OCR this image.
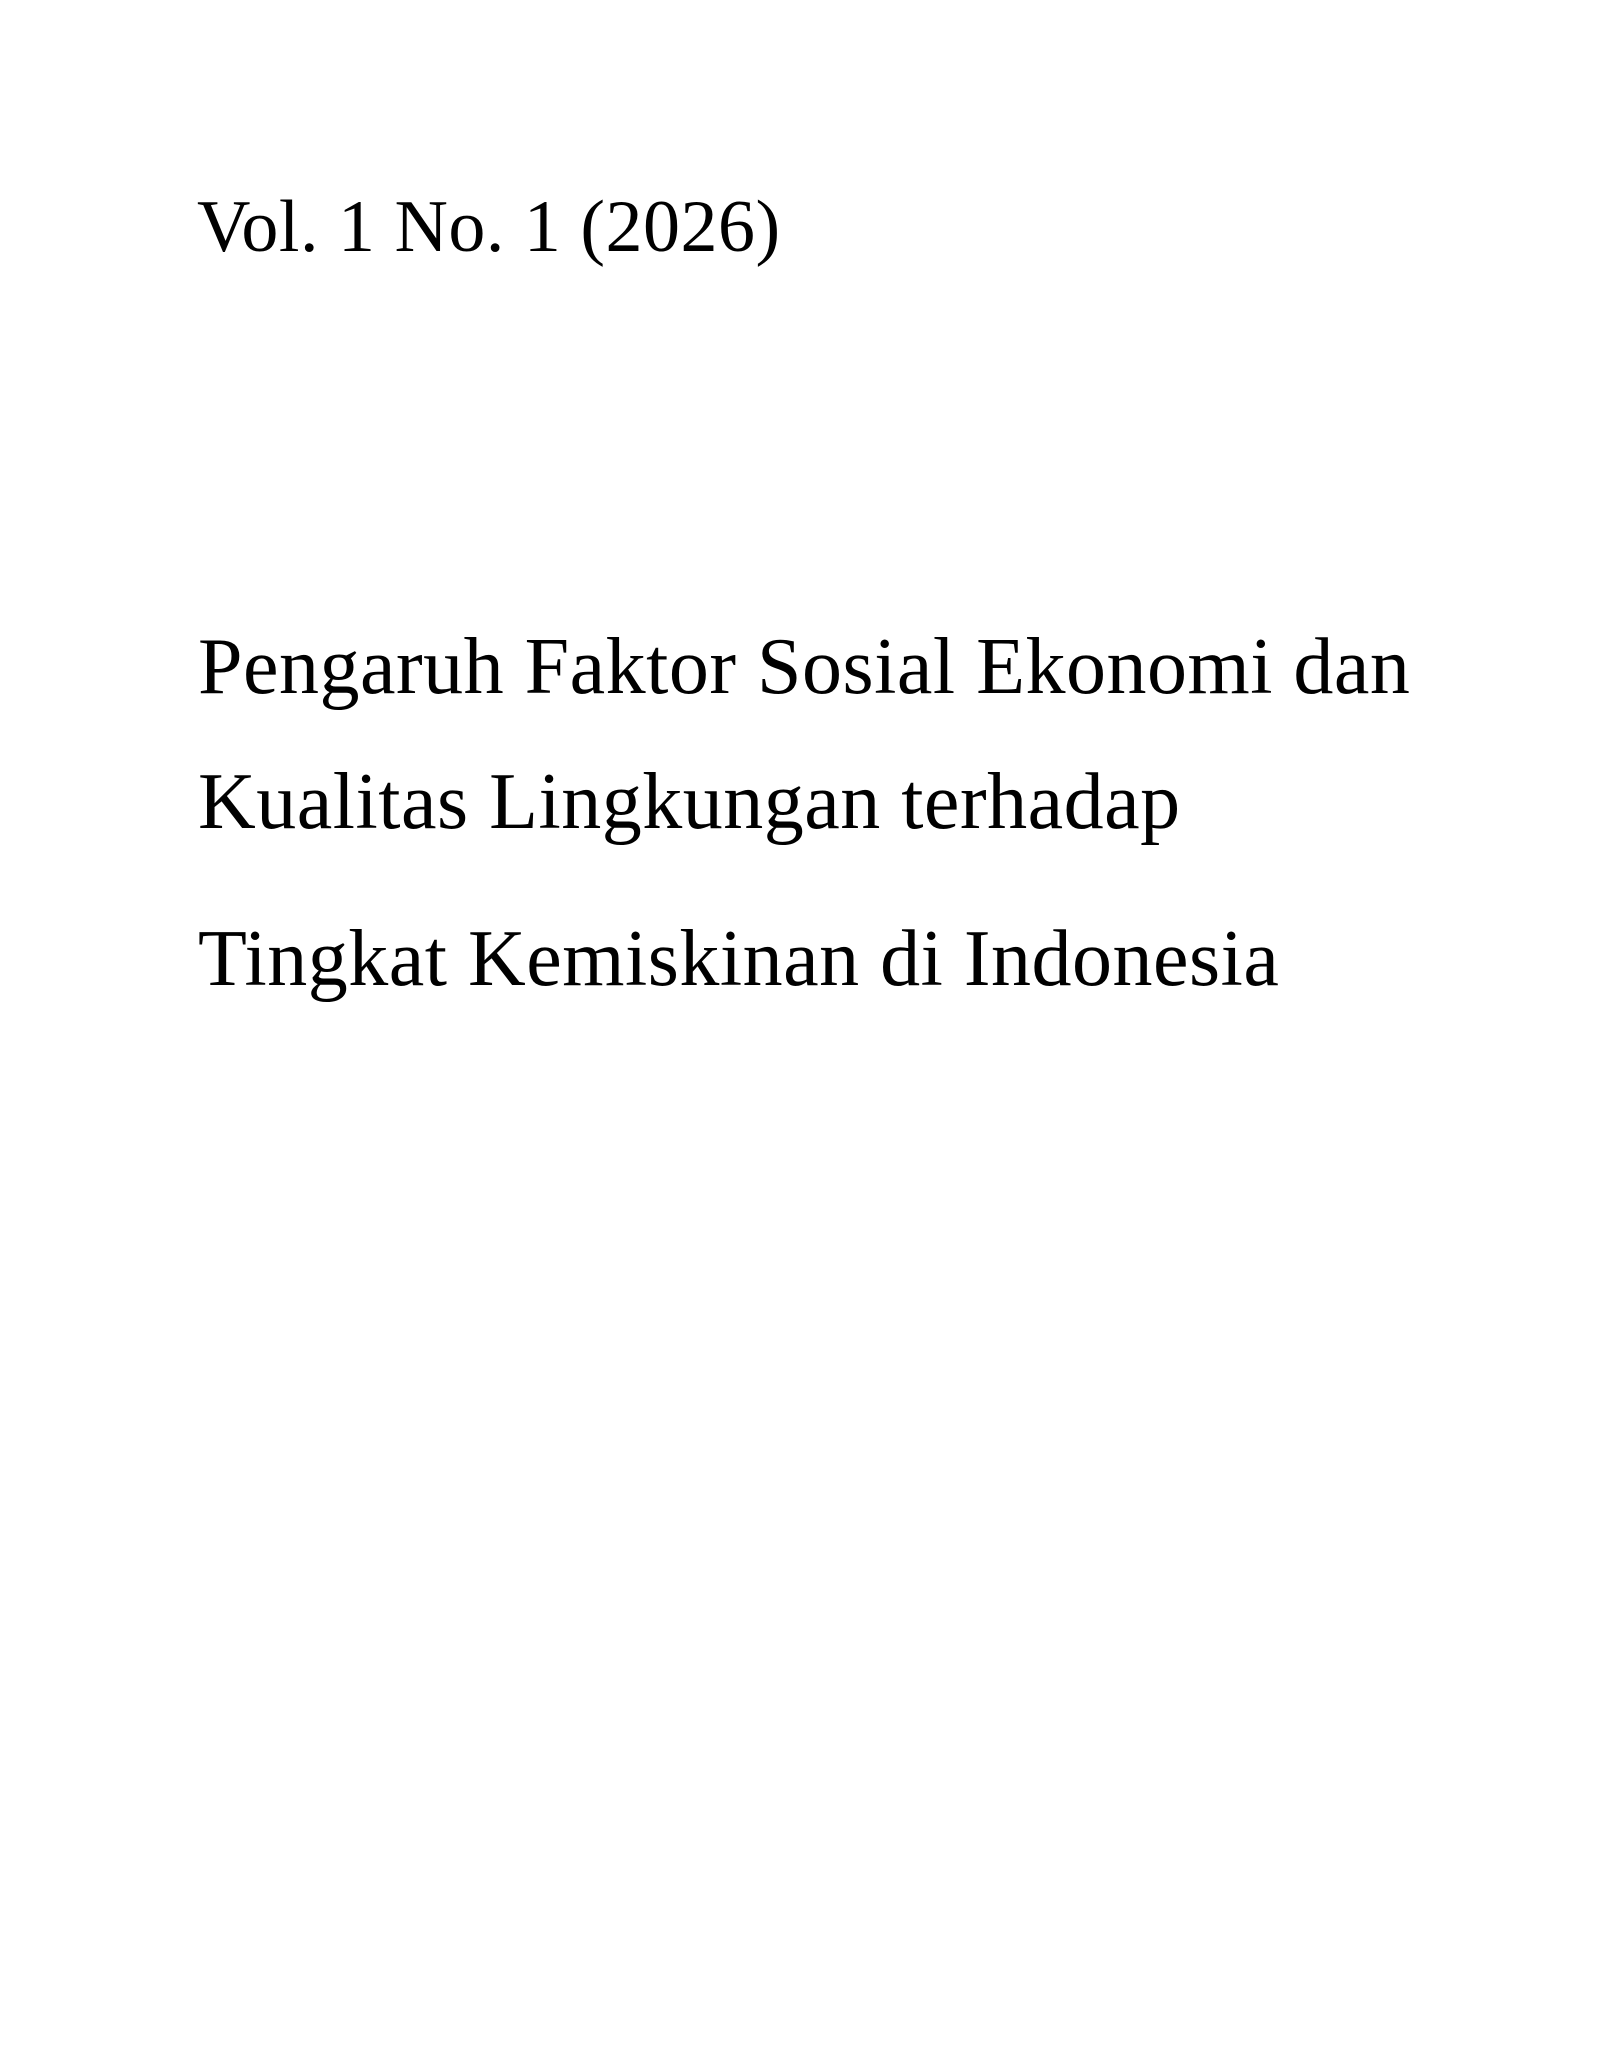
Vol. 1 No. 1 (2026)
Pengaruh Faktor Sosial Ekonomi dan
Kualitas Lingkungan terhadap
Tingkat Kemiskinan di Indonesia
